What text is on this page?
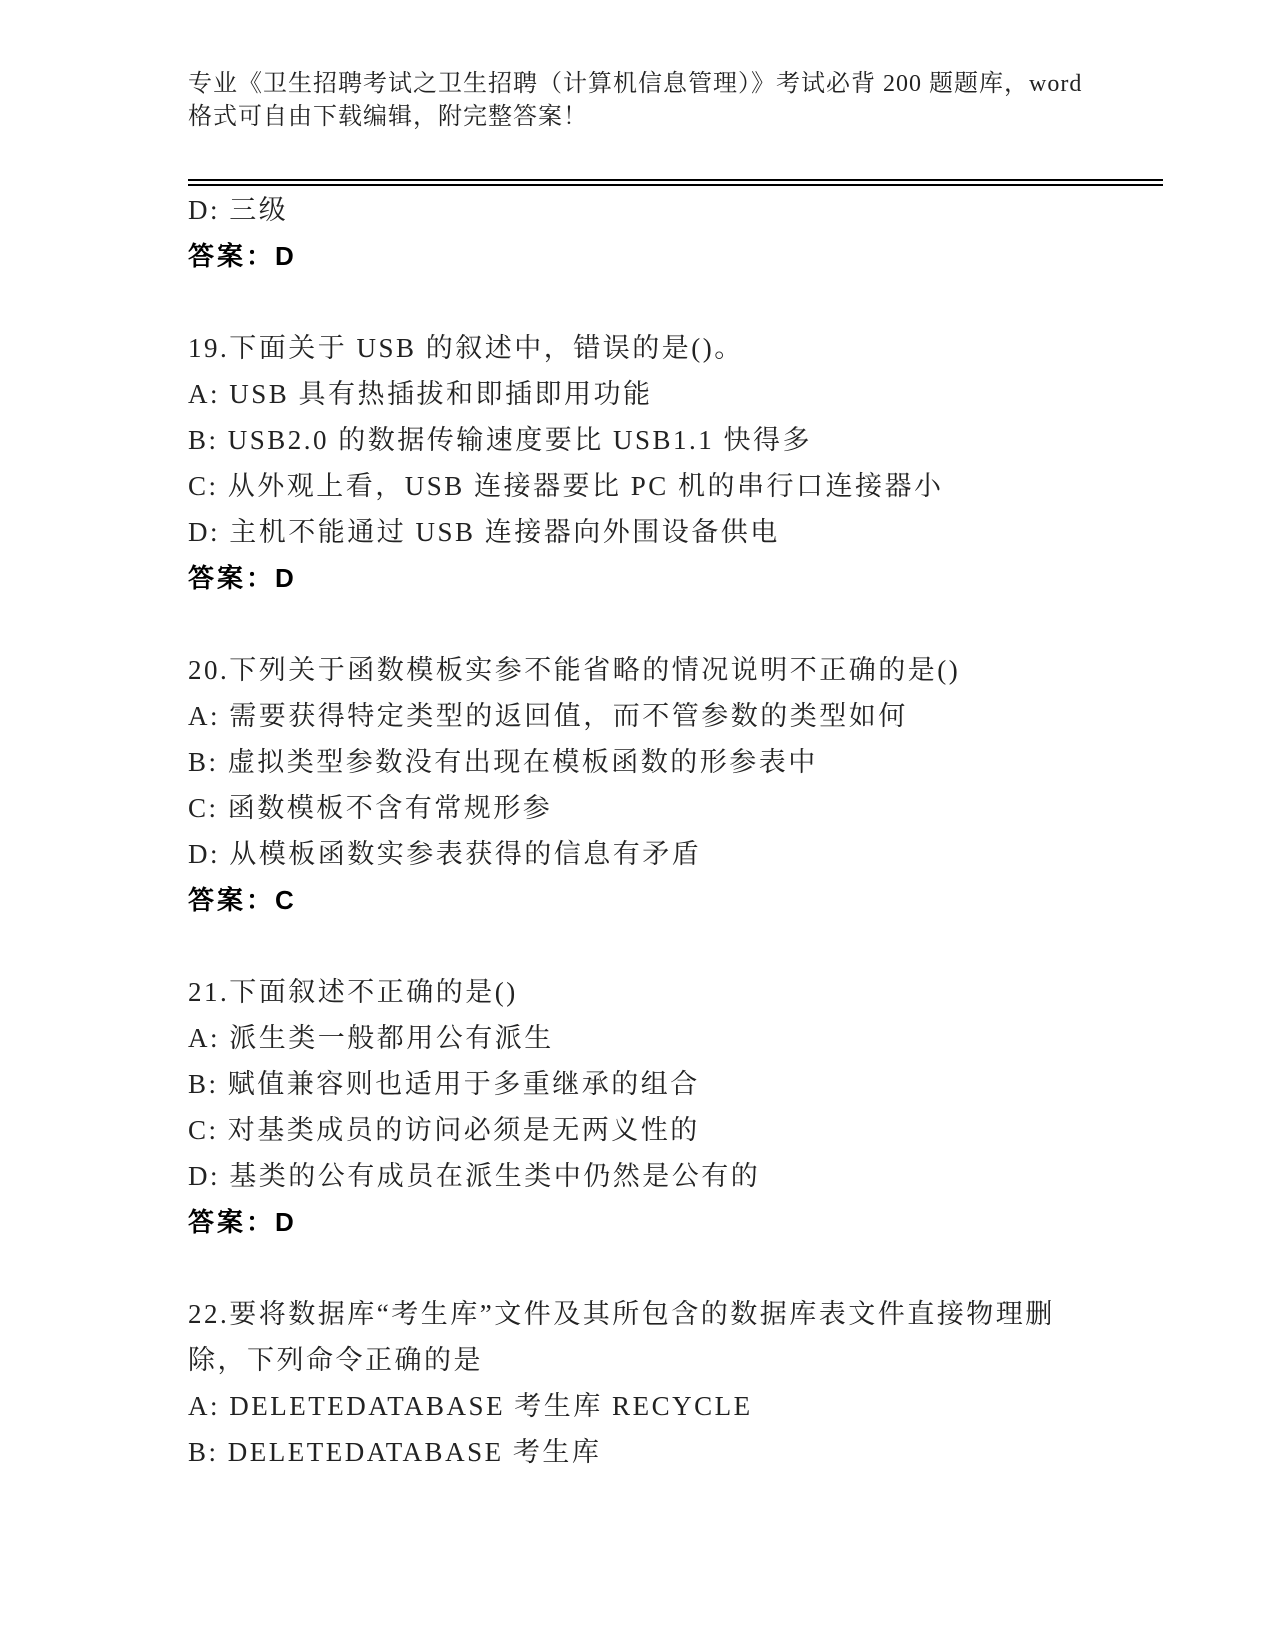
专业《卫生招聘考试之卫生招聘（计算机信息管理）》考试必背 200 题题库，word
格式可自由下载编辑，附完整答案！
D: 三级
答案：D
19.下面关于 USB 的叙述中，错误的是()。
A: USB 具有热插拔和即插即用功能
B: USB2.0 的数据传输速度要比 USB1.1 快得多
C: 从外观上看，USB 连接器要比 PC 机的串行口连接器小
D: 主机不能通过 USB 连接器向外围设备供电
答案：D
20.下列关于函数模板实参不能省略的情况说明不正确的是()
A: 需要获得特定类型的返回值，而不管参数的类型如何
B: 虚拟类型参数没有出现在模板函数的形参表中
C: 函数模板不含有常规形参
D: 从模板函数实参表获得的信息有矛盾
答案：C
21.下面叙述不正确的是()
A: 派生类一般都用公有派生
B: 赋值兼容则也适用于多重继承的组合
C: 对基类成员的访问必须是无两义性的
D: 基类的公有成员在派生类中仍然是公有的
答案：D
22.要将数据库“考生库”文件及其所包含的数据库表文件直接物理删
除，下列命令正确的是
A: DELETEDATABASE 考生库 RECYCLE
B: DELETEDATABASE 考生库
